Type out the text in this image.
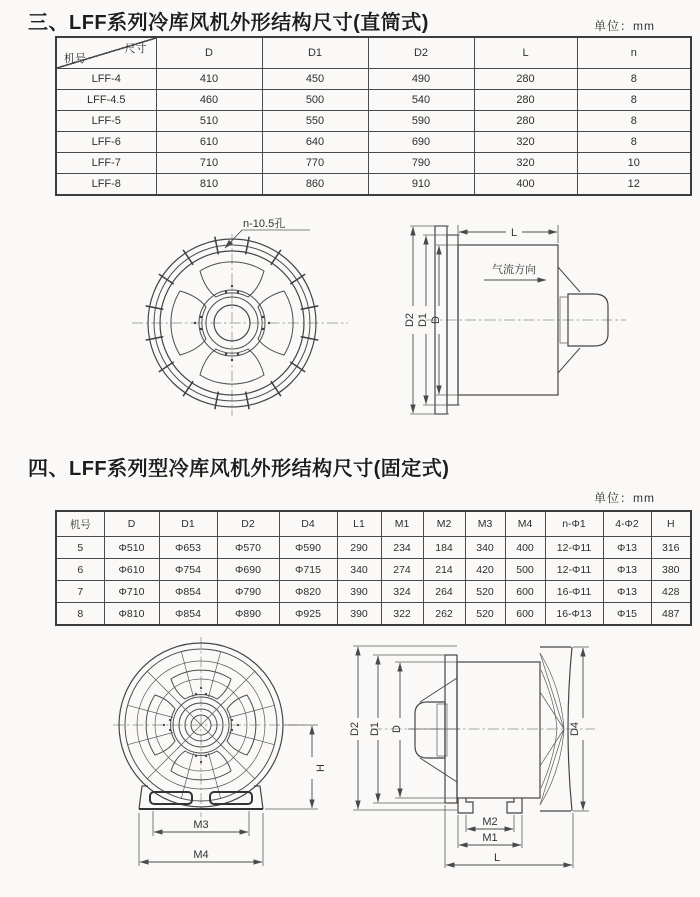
三、LFF系列冷库风机外形结构尺寸(直筒式)	单位：mm
尺寸
机号	D	D1	D2	L	n
LFF-4	410	450	490	280	8
LFF-4.5	460	500	540	280	8
LFF-5	510	550	590	280	8
LFF-6	610	640	690	320	8
LFF-7	710	770	790	320	10
LFF-8	810	860	910	400	12
n-10.5孔
L
气流方向
D2 D1 D
四、LFF系列型冷库风机外形结构尺寸(固定式)
单位：mm
机号	D	D1	D2	D4	L1	M1	M2	M3	M4	n-Φ1	4-Φ2	H
5	Φ510	Φ653	Φ570	Φ590	290	234	184	340	400	12-Φ11	Φ13	316
6	Φ610	Φ754	Φ690	Φ715	340	274	214	420	500	12-Φ11	Φ13	380
7	Φ710	Φ854	Φ790	Φ820	390	324	264	520	600	16-Φ11	Φ13	428
8	Φ810	Φ854	Φ890	Φ925	390	322	262	520	600	16-Φ13	Φ15	487
M3
M4
H
D2 D1 D	D4
M2
M1
L
